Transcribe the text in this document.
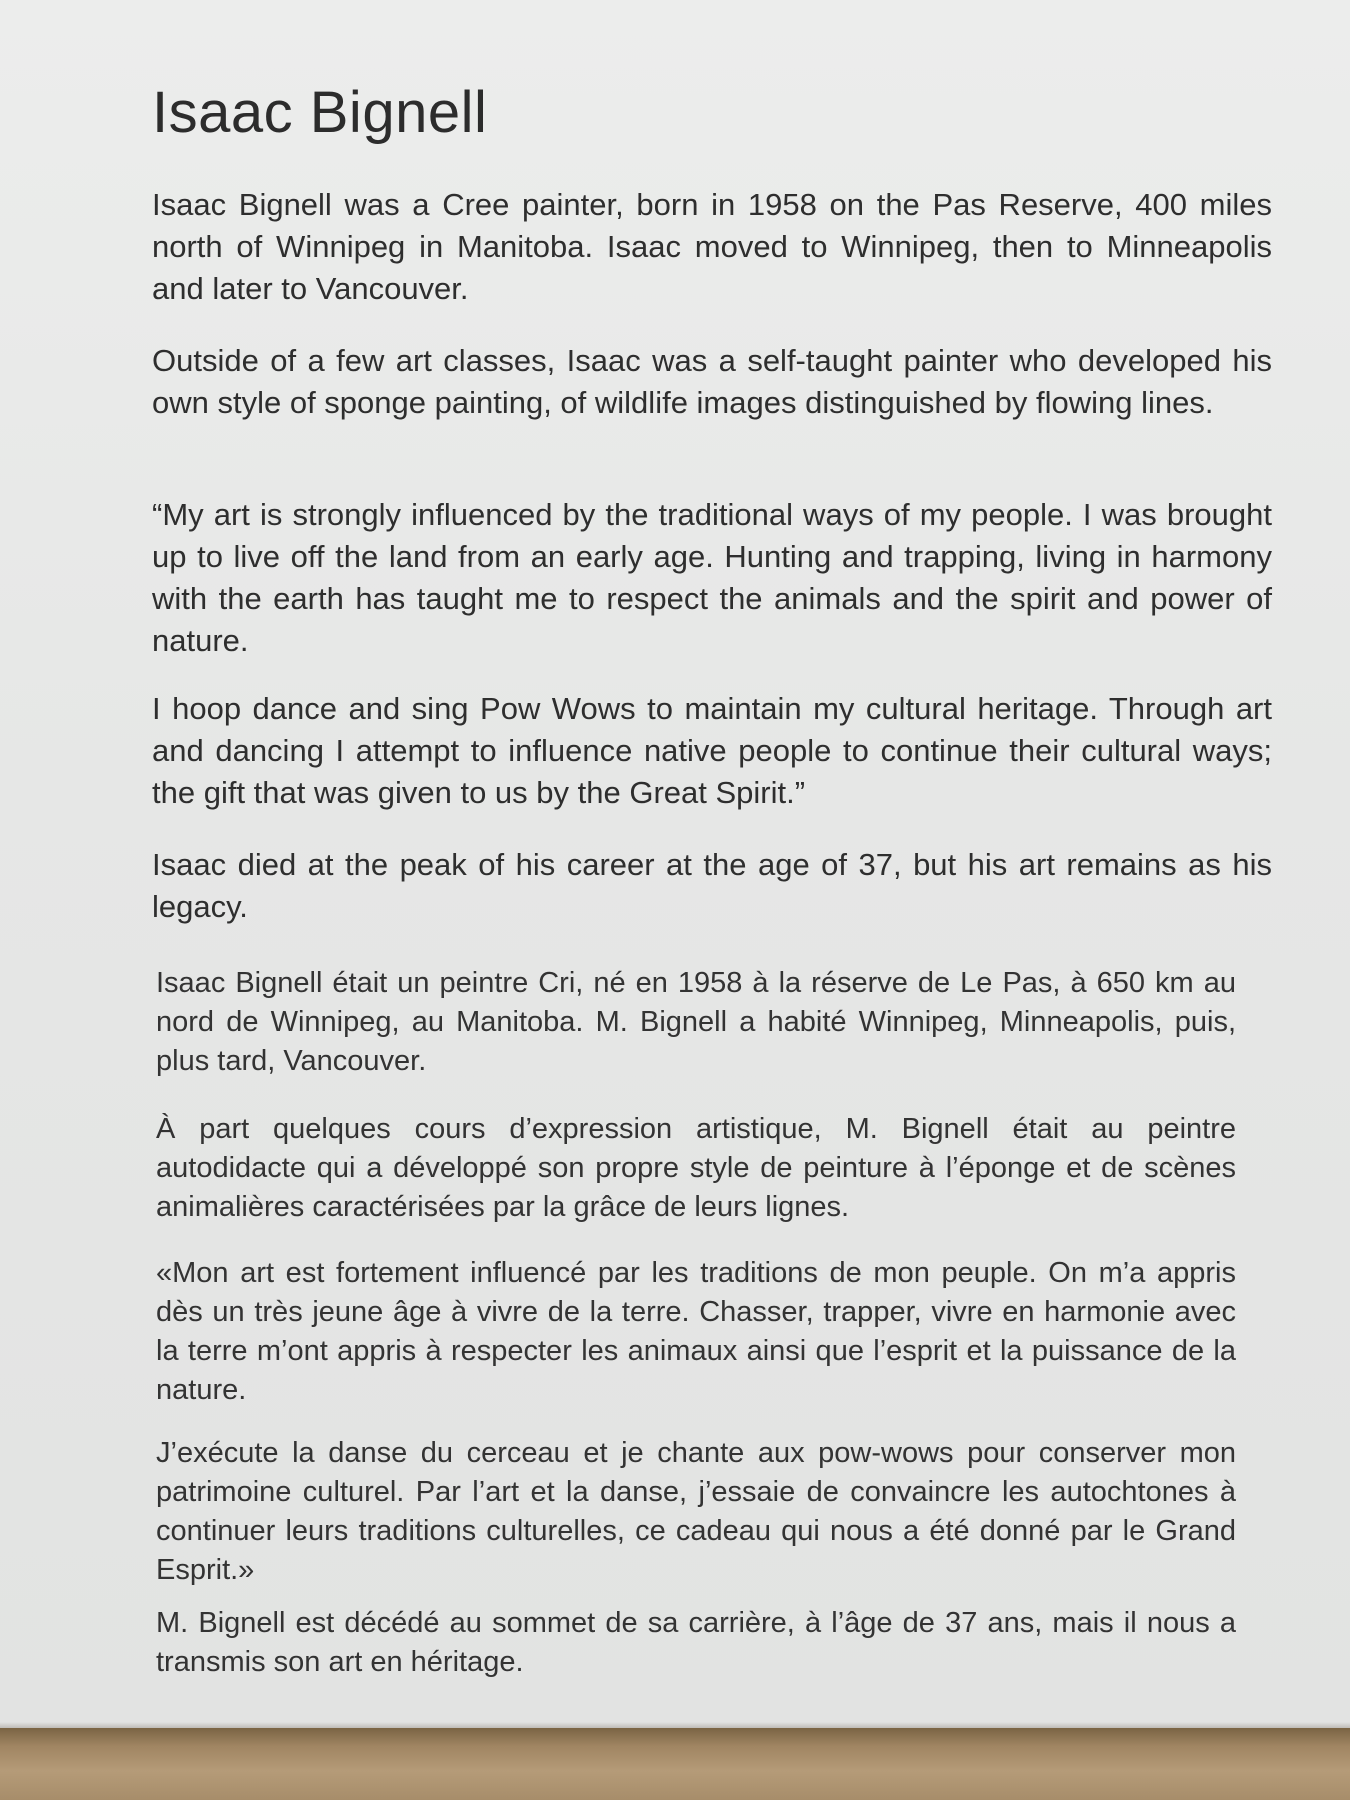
Isaac Bignell

Isaac Bignell was a Cree painter, born in 1958 on the Pas Reserve, 400 miles north of Winnipeg in Manitoba. Isaac moved to Winnipeg, then to Minneapolis and later to Vancouver.

Outside of a few art classes, Isaac was a self-taught painter who developed his own style of sponge painting, of wildlife images distinguished by flowing lines.

“My art is strongly influenced by the traditional ways of my people. I was brought up to live off the land from an early age. Hunting and trapping, living in harmony with the earth has taught me to respect the animals and the spirit and power of nature.

I hoop dance and sing Pow Wows to maintain my cultural heritage. Through art and dancing I attempt to influence native people to continue their cultural ways; the gift that was given to us by the Great Spirit.”

Isaac died at the peak of his career at the age of 37, but his art remains as his legacy.

Isaac Bignell était un peintre Cri, né en 1958 à la réserve de Le Pas, à 650 km au nord de Winnipeg, au Manitoba. M. Bignell a habité Winnipeg, Minneapolis, puis, plus tard, Vancouver.

À part quelques cours d’expression artistique, M. Bignell était au peintre autodidacte qui a développé son propre style de peinture à l’éponge et de scènes animalières caractérisées par la grâce de leurs lignes.

«Mon art est fortement influencé par les traditions de mon peuple. On m’a appris dès un très jeune âge à vivre de la terre. Chasser, trapper, vivre en harmonie avec la terre m’ont appris à respecter les animaux ainsi que l’esprit et la puissance de la nature.

J’exécute la danse du cerceau et je chante aux pow-wows pour conserver mon patrimoine culturel. Par l’art et la danse, j’essaie de convaincre les autochtones à continuer leurs traditions culturelles, ce cadeau qui nous a été donné par le Grand Esprit.»

M. Bignell est décédé au sommet de sa carrière, à l’âge de 37 ans, mais il nous a transmis son art en héritage.
